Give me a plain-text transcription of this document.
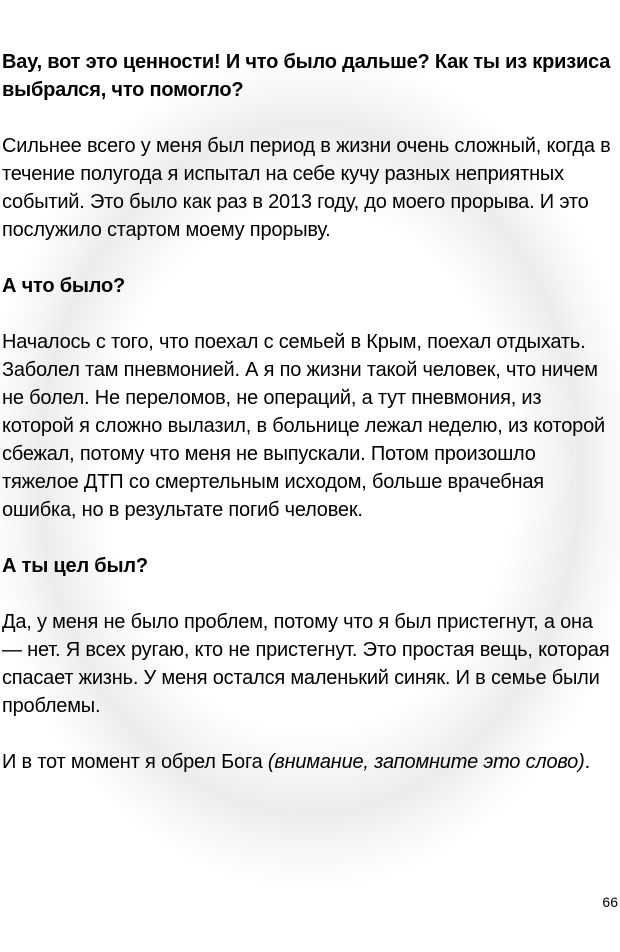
Вау, вот это ценности! И что было дальше? Как ты из кризиса выбрался, что помогло?

Сильнее всего у меня был период в жизни очень сложный, когда в течение полугода я испытал на себе кучу разных неприятных событий. Это было как раз в 2013 году, до моего прорыва. И это послужило стартом моему прорыву.

А что было?

Началось с того, что поехал с семьей в Крым, поехал отдыхать. Заболел там пневмонией. А я по жизни такой человек, что ничем не болел. Не переломов, не операций, а тут пневмония, из которой я сложно вылазил, в больнице лежал неделю, из которой сбежал, потому что меня не выпускали. Потом произошло тяжелое ДТП со смертельным исходом, больше врачебная ошибка, но в результате погиб человек.

А ты цел был?

Да, у меня не было проблем, потому что я был пристегнут, а она — нет. Я всех ругаю, кто не пристегнут. Это простая вещь, которая спасает жизнь. У меня остался маленький синяк. И в семье были проблемы.

И в тот момент я обрел Бога (внимание, запомните это слово).

66
